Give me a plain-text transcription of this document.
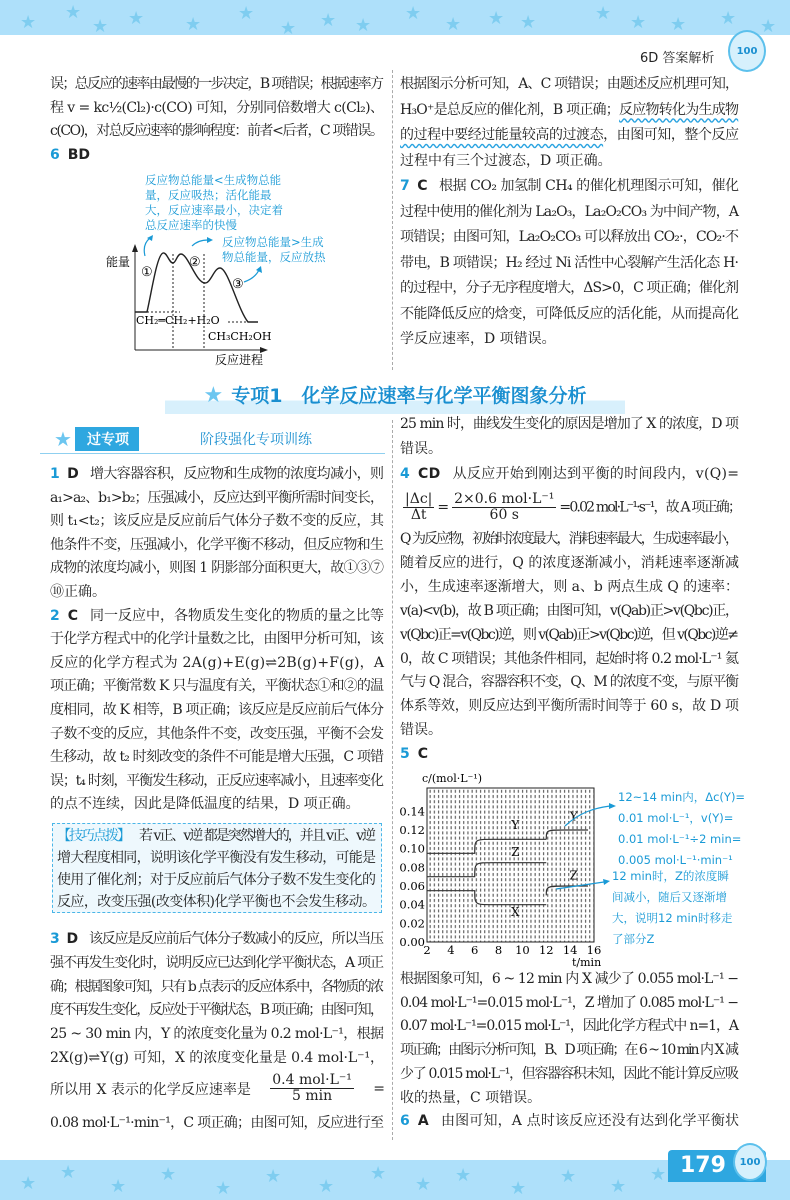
★ ★
★ ★ ★
★
★ ★ ★
★
★ ★ ★	★ ★ ★ ★ ★
6D 答案解析	100
误；总反应的速率由最慢的一步决定，B 项错误；根据速率方
程 v = kc½(Cl₂)·c(CO) 可知，分别同倍数增大 c(Cl₂)、
c(CO)，对总反应速率的影响程度：前者<后者，C 项错误。
6 BD
能量
①
②
③
CH₂═CH₂+H₂O
CH₃CH₂OH
反应进程
反应物总能量<生成物总能
量，反应吸热；活化能最
大，反应速率最小，决定着
总反应速率的快慢
反应物总能量>生成
物总能量，反应放热
根据图示分析可知，A、C 项错误；由题述反应机理可知，
H₃O⁺是总反应的催化剂，B 项正确；反应物转化为生成物
的过程中要经过能量较高的过渡态，由图可知，整个反应
过程中有三个过渡态，D 项正确。
7 C 根据 CO₂ 加氢制 CH₄ 的催化机理图示可知，催化
过程中使用的催化剂为 La₂O₃，La₂O₂CO₃ 为中间产物，A
项错误；由图可知，La₂O₂CO₃ 可以释放出 CO₂·，CO₂·不
带电，B 项错误；H₂ 经过 Ni 活性中心裂解产生活化态 H·
的过程中，分子无序程度增大，ΔS>0，C 项正确；催化剂
不能降低反应的焓变，可降低反应的活化能，从而提高化
学反应速率，D 项错误。
★ 专项1　化学反应速率与化学平衡图象分析
★	过专项	阶段强化专项训练
1 D 增大容器容积，反应物和生成物的浓度均减小，则
a₁>a₂、b₁>b₂；压强减小，反应达到平衡所需时间变长，
则 t₁<t₂；该反应是反应前后气体分子数不变的反应，其
他条件不变，压强减小，化学平衡不移动，但反应物和生
成物的浓度均减小，则图 1 阴影部分面积更大，故①③⑦
⑩正确。
2 C 同一反应中，各物质发生变化的物质的量之比等
于化学方程式中的化学计量数之比，由图甲分析可知，该
反应的化学方程式为 2A(g)+E(g)⇌2B(g)+F(g)，A
项正确；平衡常数 K 只与温度有关，平衡状态①和②的温
度相同，故 K 相等，B 项正确；该反应是反应前后气体分
子数不变的反应，其他条件不变，改变压强，平衡不会发
生移动，故 t₂ 时刻改变的条件不可能是增大压强，C 项错
误；t₄ 时刻，平衡发生移动，正反应速率减小，且速率变化
的点不连续，因此是降低温度的结果，D 项正确。
【技巧点拨】 若 v正、v逆 都是突然增大的，并且 v正、v逆
增大程度相同，说明该化学平衡没有发生移动，可能是
使用了催化剂；对于反应前后气体分子数不发生变化的
反应，改变压强(改变体积)化学平衡也不会发生移动。
3 D 该反应是反应前后气体分子数减小的反应，所以当压
强不再发生变化时，说明反应已达到化学平衡状态，A 项正
确；根据图象可知，只有 b 点表示的反应体系中，各物质的浓
度不再发生变化，反应处于平衡状态，B 项正确；由图可知，
25 ~ 30 min 内，Y 的浓度变化量为 0.2 mol·L⁻¹，根据
2X(g)⇌Y(g) 可知，X 的浓度变化量是 0.4 mol·L⁻¹，
所以用 X 表示的化学反应速率是 $\frac{\text{0.4 mol·L⁻¹}}{5 \min}$ =
0.08 mol·L⁻¹·min⁻¹，C 项正确；由图可知，反应进行至
25 min 时，曲线发生变化的原因是增加了 X 的浓度，D 项
错误。
4 CD 从反应开始到刚达到平衡的时间段内，v(Q)=
$\frac{|\Delta c|}{\Delta t} = \frac{\text{2×0.6 mol·L⁻¹}}{60 s} =0.02$ mol·L⁻¹·s⁻¹，故 A 项正确；
Q 为反应物，初始时浓度最大，消耗速率最大，生成速率最小，
随着反应的进行，Q 的浓度逐渐减小，消耗速率逐渐减
小，生成速率逐渐增大，则 a、b 两点生成 Q 的速率：
v(a)<v(b)，故 B 项正确；由图可知，v(Qab)正>v(Qbc)正，
v(Qbc)正=v(Qbc)逆，则 v(Qab)正>v(Qbc)逆，但 v(Qbc)逆≠
0，故 C 项错误；其他条件相同，起始时将 0.2 mol·L⁻¹ 氦
气与 Q 混合，容器容积不变，Q、M 的浓度不变，与原平衡
体系等效，则反应达到平衡所需时间等于 60 s，故 D 项
错误。
5 C
0.00
0.02
0.04
0.06
0.08
0.10
0.12
0.14
2 4 6 8 10 12 14 16
c/(mol·L⁻¹)
t/min
Y
Y
Z
Z
X
12~14 min内，Δc(Y)=
0.01 mol·L⁻¹，v(Y)=
0.01 mol·L⁻¹÷2 min=
0.005 mol·L⁻¹·min⁻¹
12 min时，Z的浓度瞬
间减小，随后又逐渐增
大，说明12 min时移走
了部分Z
根据图象可知，6 ~ 12 min 内 X 减少了 0.055 mol·L⁻¹ −
0.04 mol·L⁻¹=0.015 mol·L⁻¹，Z 增加了 0.085 mol·L⁻¹ −
0.07 mol·L⁻¹=0.015 mol·L⁻¹，因此化学方程式中 n=1，A
项正确；由图示分析可知，B、D 项正确；在 6 ~ 10 min 内 X 减
少了 0.015 mol·L⁻¹，但容器容积未知，因此不能计算反应吸
收的热量，C 项错误。
6 A 由图可知，A 点时该反应还没有达到化学平衡状
★
★
★
★
★
★ ★
★
★ ★
★
★ ★
★ 179	100
